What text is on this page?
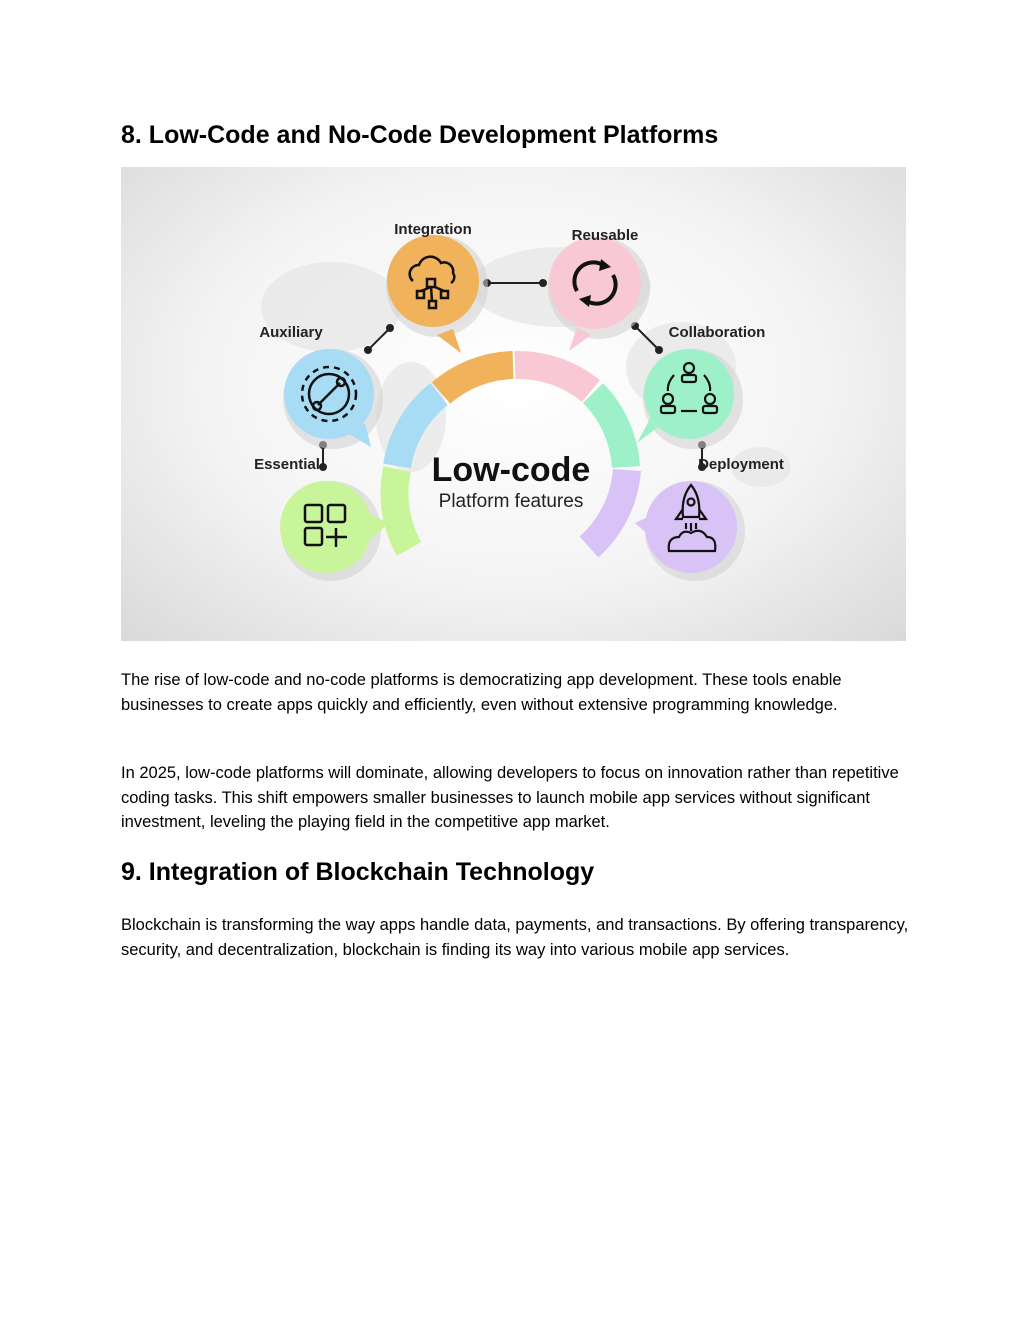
8. Low-Code and No-Code Development Platforms
Low-code
Platform features
Integration	Reusable
Auxiliary	Collaboration
Essential	Deployment

The rise of low-code and no-code platforms is democratizing app development. These tools enable businesses to create apps quickly and efficiently, even without extensive programming knowledge.

In 2025, low-code platforms will dominate, allowing developers to focus on innovation rather than repetitive coding tasks. This shift empowers smaller businesses to launch mobile app services without significant investment, leveling the playing field in the competitive app market.

9. Integration of Blockchain Technology

Blockchain is transforming the way apps handle data, payments, and transactions. By offering transparency, security, and decentralization, blockchain is finding its way into various mobile app services.
